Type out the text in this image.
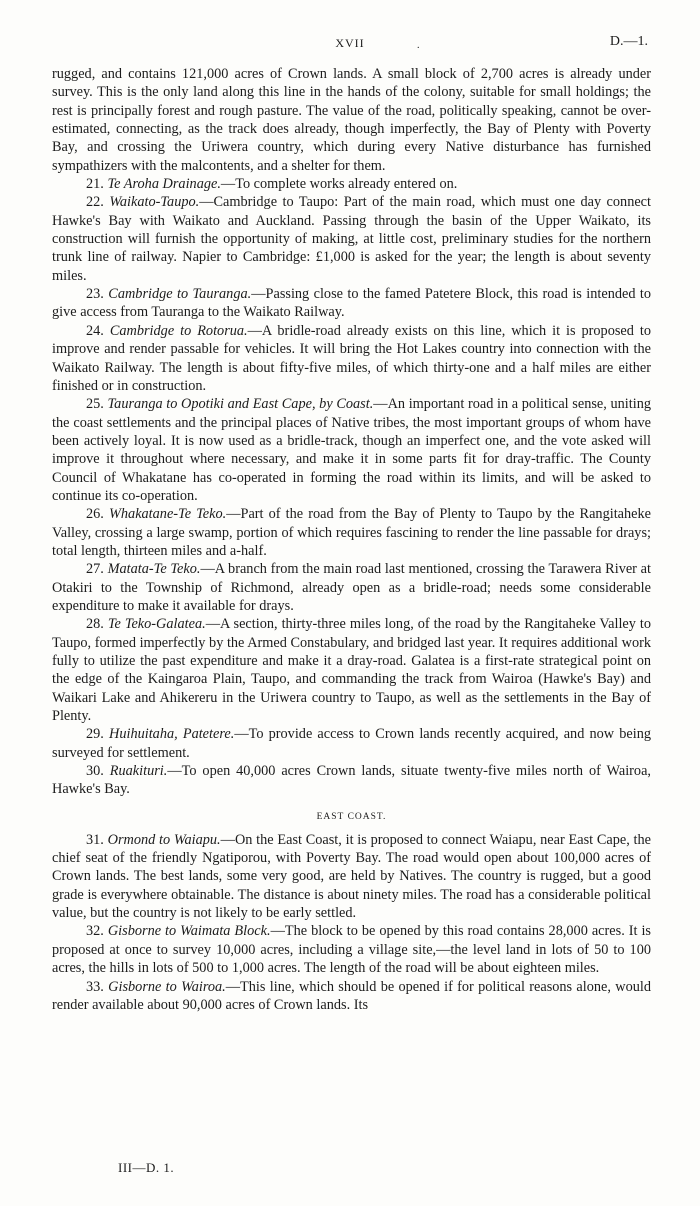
XVII	.	D.—1.

rugged, and contains 121,000 acres of Crown lands. A small block of 2,700 acres is already under survey. This is the only land along this line in the hands of the colony, suitable for small holdings; the rest is principally forest and rough pasture. The value of the road, politically speaking, cannot be over-estimated, connecting, as the track does already, though imperfectly, the Bay of Plenty with Poverty Bay, and crossing the Uriwera country, which during every Native disturbance has furnished sympathizers with the malcontents, and a shelter for them.

21. Te Aroha Drainage.—To complete works already entered on.

22. Waikato-Taupo.—Cambridge to Taupo: Part of the main road, which must one day connect Hawke's Bay with Waikato and Auckland. Passing through the basin of the Upper Waikato, its construction will furnish the opportunity of making, at little cost, preliminary studies for the northern trunk line of railway. Napier to Cambridge: £1,000 is asked for the year; the length is about seventy miles.

23. Cambridge to Tauranga.—Passing close to the famed Patetere Block, this road is intended to give access from Tauranga to the Waikato Railway.

24. Cambridge to Rotorua.—A bridle-road already exists on this line, which it is proposed to improve and render passable for vehicles. It will bring the Hot Lakes country into connection with the Waikato Railway. The length is about fifty-five miles, of which thirty-one and a half miles are either finished or in construction.

25. Tauranga to Opotiki and East Cape, by Coast.—An important road in a political sense, uniting the coast settlements and the principal places of Native tribes, the most important groups of whom have been actively loyal. It is now used as a bridle-track, though an imperfect one, and the vote asked will improve it throughout where necessary, and make it in some parts fit for dray-traffic. The County Council of Whakatane has co-operated in forming the road within its limits, and will be asked to continue its co-operation.

26. Whakatane-Te Teko.—Part of the road from the Bay of Plenty to Taupo by the Rangitaheke Valley, crossing a large swamp, portion of which requires fascining to render the line passable for drays; total length, thirteen miles and a-half.

27. Matata-Te Teko.—A branch from the main road last mentioned, crossing the Tarawera River at Otakiri to the Township of Richmond, already open as a bridle-road; needs some considerable expenditure to make it available for drays.

28. Te Teko-Galatea.—A section, thirty-three miles long, of the road by the Rangitaheke Valley to Taupo, formed imperfectly by the Armed Constabulary, and bridged last year. It requires additional work fully to utilize the past expenditure and make it a dray-road. Galatea is a first-rate strategical point on the edge of the Kaingaroa Plain, Taupo, and commanding the track from Wairoa (Hawke's Bay) and Waikari Lake and Ahikereru in the Uriwera country to Taupo, as well as the settlements in the Bay of Plenty.

29. Huihuitaha, Patetere.—To provide access to Crown lands recently acquired, and now being surveyed for settlement.

30. Ruakituri.—To open 40,000 acres Crown lands, situate twenty-five miles north of Wairoa, Hawke's Bay.

EAST COAST.

31. Ormond to Waiapu.—On the East Coast, it is proposed to connect Waiapu, near East Cape, the chief seat of the friendly Ngatiporou, with Poverty Bay. The road would open about 100,000 acres of Crown lands. The best lands, some very good, are held by Natives. The country is rugged, but a good grade is everywhere obtainable. The distance is about ninety miles. The road has a considerable political value, but the country is not likely to be early settled.

32. Gisborne to Waimata Block.—The block to be opened by this road contains 28,000 acres. It is proposed at once to survey 10,000 acres, including a village site,—the level land in lots of 50 to 100 acres, the hills in lots of 500 to 1,000 acres. The length of the road will be about eighteen miles.

33. Gisborne to Wairoa.—This line, which should be opened if for political reasons alone, would render available about 90,000 acres of Crown lands. Its

III—D. 1.
